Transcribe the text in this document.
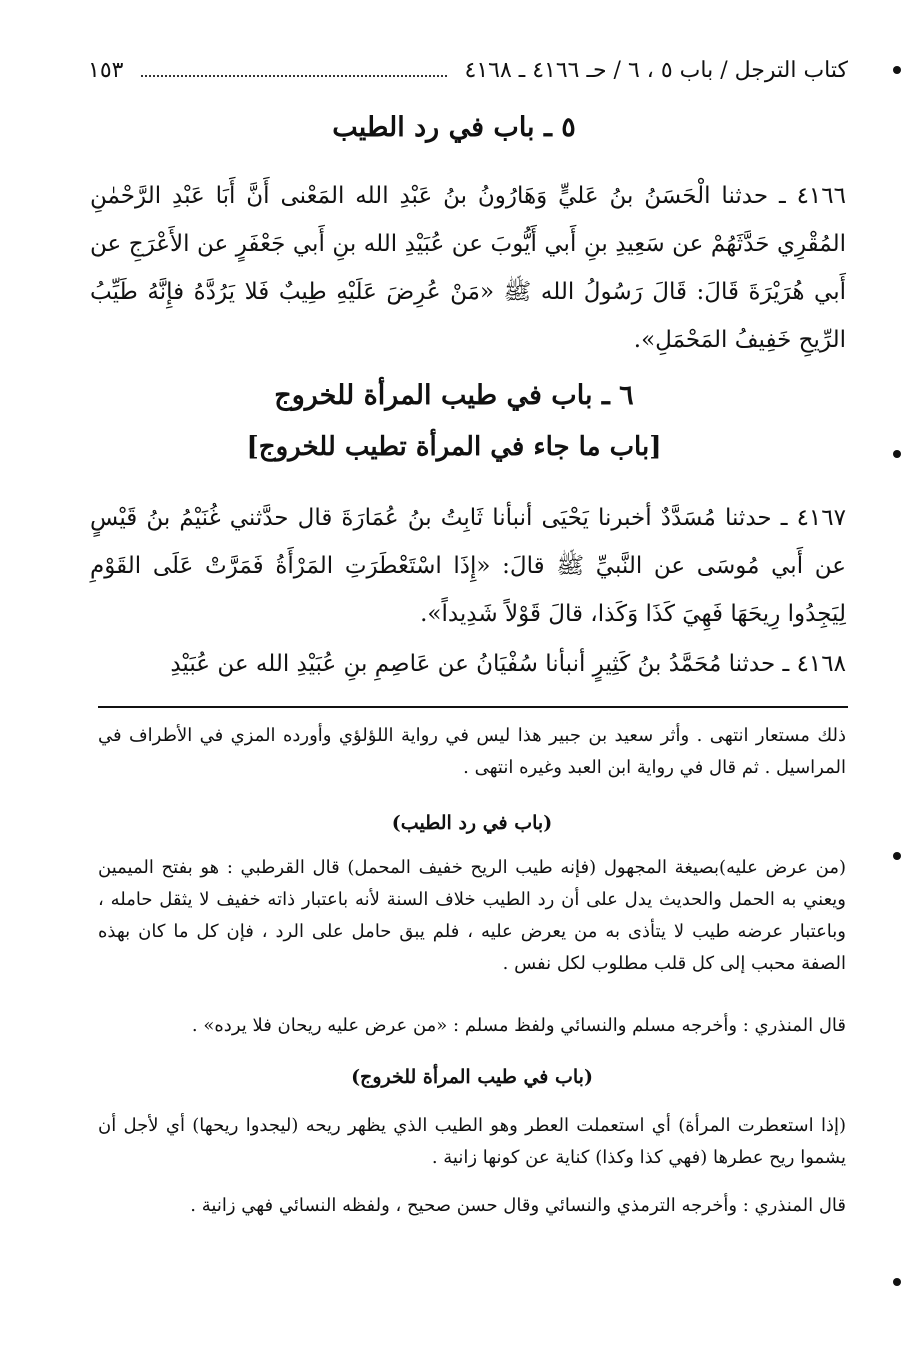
كتاب الترجل / باب ٥ ، ٦ / حـ ٤١٦٦ ـ ٤١٦٨
١٥٣
٥ ـ باب في رد الطيب

٤١٦٦ ـ حدثنا الْحَسَنُ بنُ عَليٍّ وَهَارُونُ بنُ عَبْدِ الله المَعْنى أَنَّ أَبَا عَبْدِ الرَّحْمٰنِ المُقْرِي حَدَّثَهُمْ عن سَعِيدِ بنِ أَبي أَيُّوبَ عن عُبَيْدِ الله بنِ أَبي جَعْفَرٍ عن الأَعْرَجِ عن أَبي هُرَيْرَةَ قَالَ: قَالَ رَسُولُ الله ﷺ «مَنْ عُرِضَ عَلَيْهِ طِيبٌ فَلا يَرُدَّهُ فإِنَّهُ طَيِّبُ الرِّيحِ خَفِيفُ المَحْمَلِ».

٦ ـ باب في طيب المرأة للخروج
[باب ما جاء في المرأة تطيب للخروج]

٤١٦٧ ـ حدثنا مُسَدَّدٌ أخبرنا يَحْيَى أنبأنا ثَابِتُ بنُ عُمَارَةَ قال حدَّثني غُنَيْمُ بنُ قَيْسٍ عن أَبي مُوسَى عن النَّبيِّ ﷺ قالَ: «إِذَا اسْتَعْطَرَتِ المَرْأَةُ فَمَرَّتْ عَلَى القَوْمِ لِيَجِدُوا رِيحَهَا فَهِيَ كَذَا وَكَذا، قالَ قَوْلاً شَدِيداً».

٤١٦٨ ـ حدثنا مُحَمَّدُ بنُ كَثِيرٍ أنبأنا سُفْيَانُ عن عَاصِمِ بنِ عُبَيْدِ الله عن عُبَيْدِ

ذلك مستعار انتهى . وأثر سعيد بن جبير هذا ليس في رواية اللؤلؤي وأورده المزي في الأطراف في المراسيل . ثم قال في رواية ابن العبد وغيره انتهى .

(باب في رد الطيب)

(من عرض عليه)بصيغة المجهول (فإنه طيب الريح خفيف المحمل) قال القرطبي : هو بفتح الميمين ويعني به الحمل والحديث يدل على أن رد الطيب خلاف السنة لأنه باعتبار ذاته خفيف لا يثقل حامله ، وباعتبار عرضه طيب لا يتأذى به من يعرض عليه ، فلم يبق حامل على الرد ، فإن كل ما كان بهذه الصفة محبب إلى كل قلب مطلوب لكل نفس .

قال المنذري : وأخرجه مسلم والنسائي ولفظ مسلم : «من عرض عليه ريحان فلا يرده» .

(باب في طيب المرأة للخروج)

(إذا استعطرت المرأة) أي استعملت العطر وهو الطيب الذي يظهر ريحه (ليجدوا ريحها) أي لأجل أن يشموا ريح عطرها (فهي كذا وكذا) كناية عن كونها زانية .

قال المنذري : وأخرجه الترمذي والنسائي وقال حسن صحيح ، ولفظه النسائي فهي زانية .
